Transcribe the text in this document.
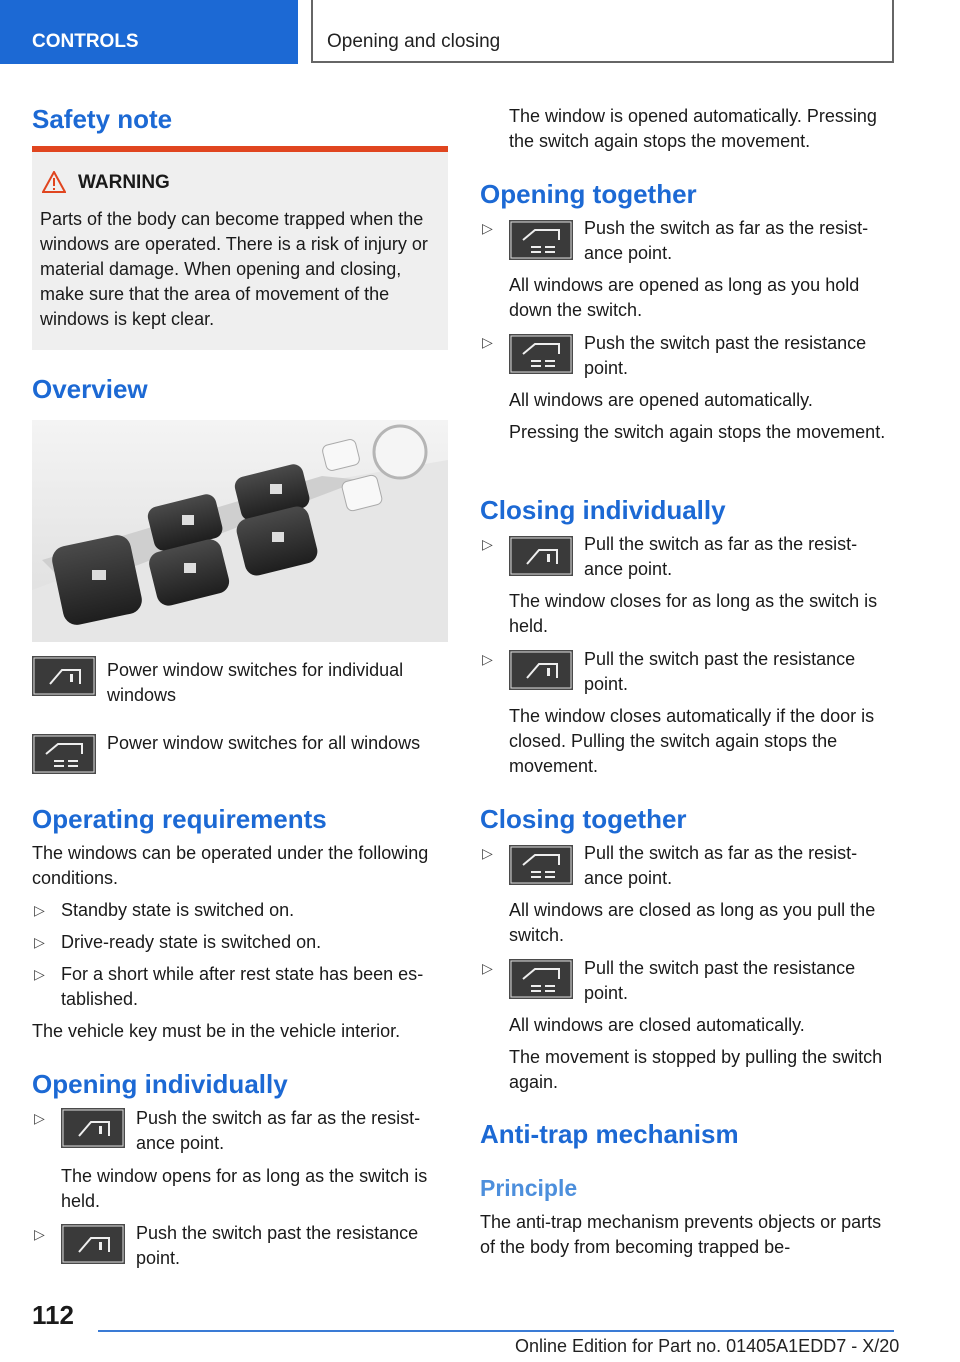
CONTROLS	Opening and closing
Safety note
WARNING
Parts of the body can become trapped when the windows are operated. There is a risk of injury or material damage. When opening and closing, make sure that the area of movement of the windows is kept clear.
Overview

Power window switches for individual windows

Power window switches for all windows

Operating requirements

The windows can be operated under the following conditions.

▷ Standby state is switched on.

▷ Drive-ready state is switched on.

▷ For a short while after rest state has been established.

The vehicle key must be in the vehicle interior.

Opening individually
▷	Push the switch as far as the resistance point.

The window opens for as long as the switch is held.

▷	Push the switch past the resistance point.

The window is opened automatically. Pressing the switch again stops the movement.

Opening together
▷	Push the switch as far as the resistance point.

All windows are opened as long as you hold down the switch.

▷	Push the switch past the resistance point.

All windows are opened automatically.

Pressing the switch again stops the movement.

Closing individually
▷	Pull the switch as far as the resistance point.

The window closes for as long as the switch is held.

▷	Pull the switch past the resistance point.

The window closes automatically if the door is closed. Pulling the switch again stops the movement.

Closing together
▷	Pull the switch as far as the resistance point.

All windows are closed as long as you pull the switch.

▷	Pull the switch past the resistance point.

All windows are closed automatically.

The movement is stopped by pulling the switch again.

Anti‑trap mechanism
Principle

The anti-trap mechanism prevents objects or parts of the body from becoming trapped be-

112
Online Edition for Part no. 01405A1EDD7 - X/20
